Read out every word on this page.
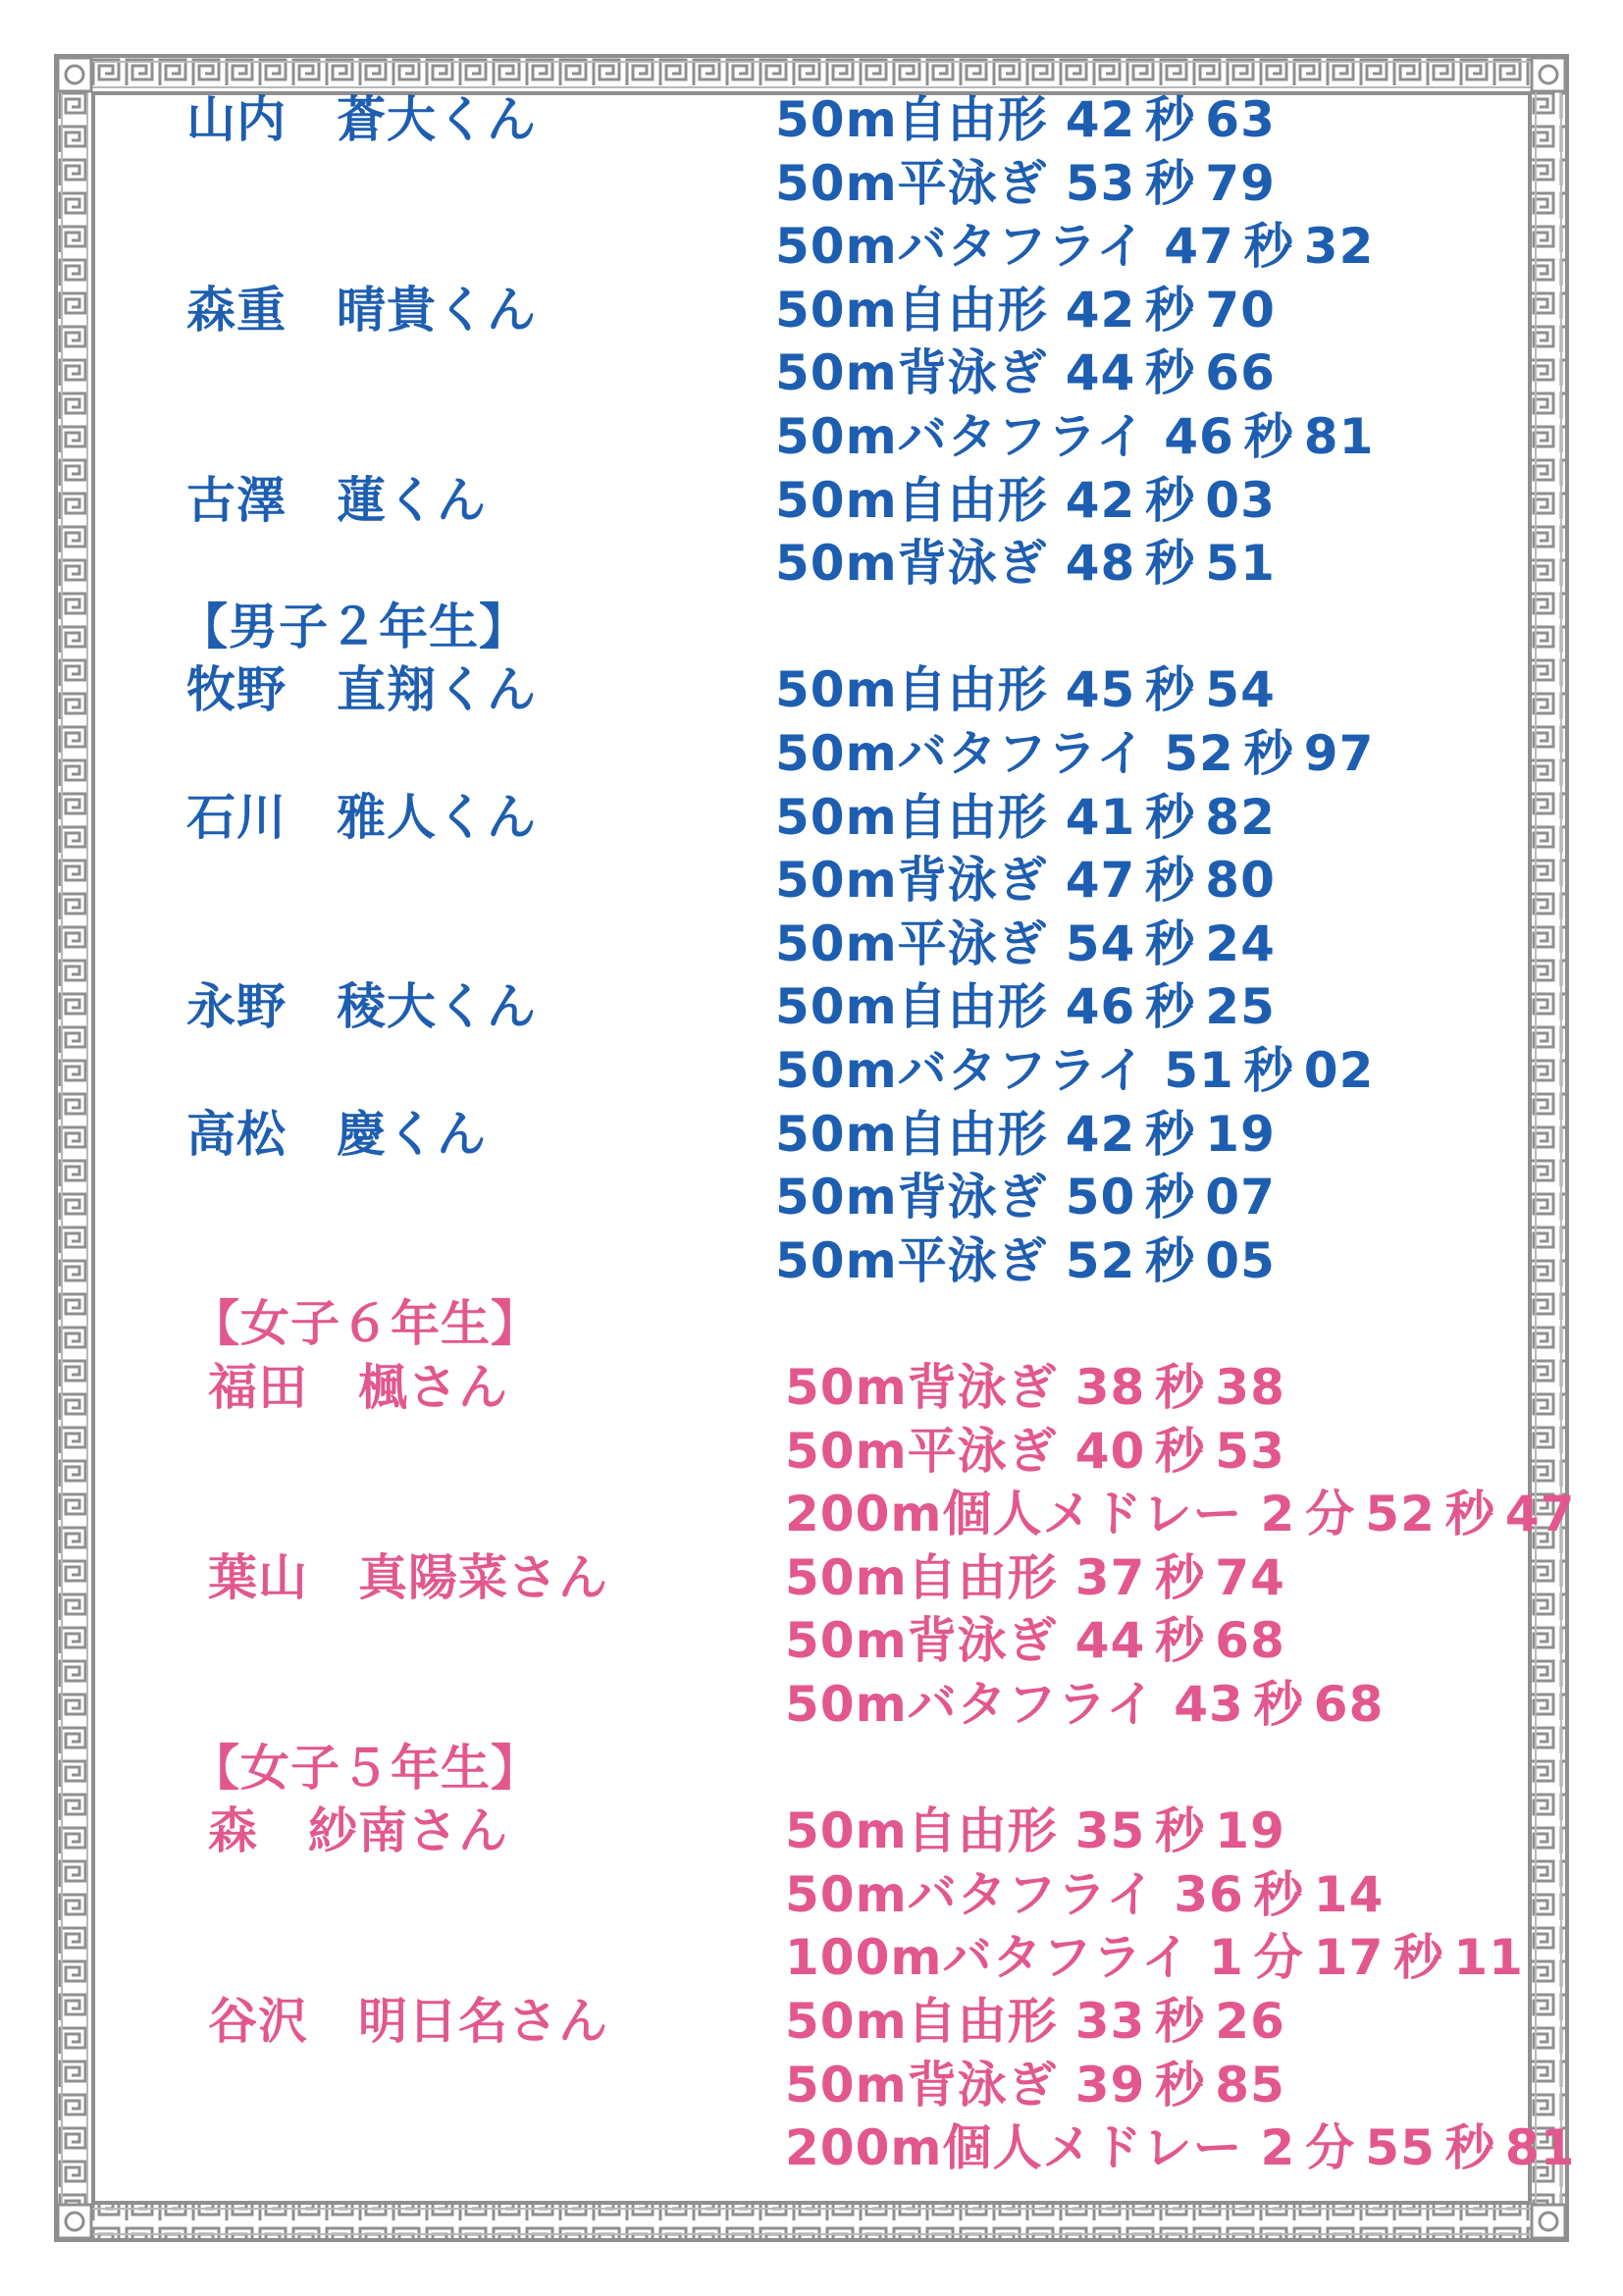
山内　蒼大くん	50m自由形 42 秒 63
50m平泳ぎ 53 秒 79
50mバタフライ 47 秒 32
森重　晴貴くん	50m自由形 42 秒 70
50m背泳ぎ 44 秒 66
50mバタフライ 46 秒 81
古澤　蓮くん	50m自由形 42 秒 03
50m背泳ぎ 48 秒 51
【男子２年生】
牧野　直翔くん	50m自由形 45 秒 54
50mバタフライ 52 秒 97
石川　雅人くん	50m自由形 41 秒 82
50m背泳ぎ 47 秒 80
50m平泳ぎ 54 秒 24
永野　稜大くん	50m自由形 46 秒 25
50mバタフライ 51 秒 02
高松　慶くん	50m自由形 42 秒 19
50m背泳ぎ 50 秒 07
50m平泳ぎ 52 秒 05
【女子６年生】
福田　楓さん	50m背泳ぎ 38 秒 38
50m平泳ぎ 40 秒 53
200m個人メドレー 2 分 52 秒 47
葉山　真陽菜さん	50m自由形 37 秒 74
50m背泳ぎ 44 秒 68
50mバタフライ 43 秒 68
【女子５年生】
森　紗南さん	50m自由形 35 秒 19
50mバタフライ 36 秒 14
100mバタフライ 1 分 17 秒 11
谷沢　明日名さん	50m自由形 33 秒 26
50m背泳ぎ 39 秒 85
200m個人メドレー 2 分 55 秒 81
